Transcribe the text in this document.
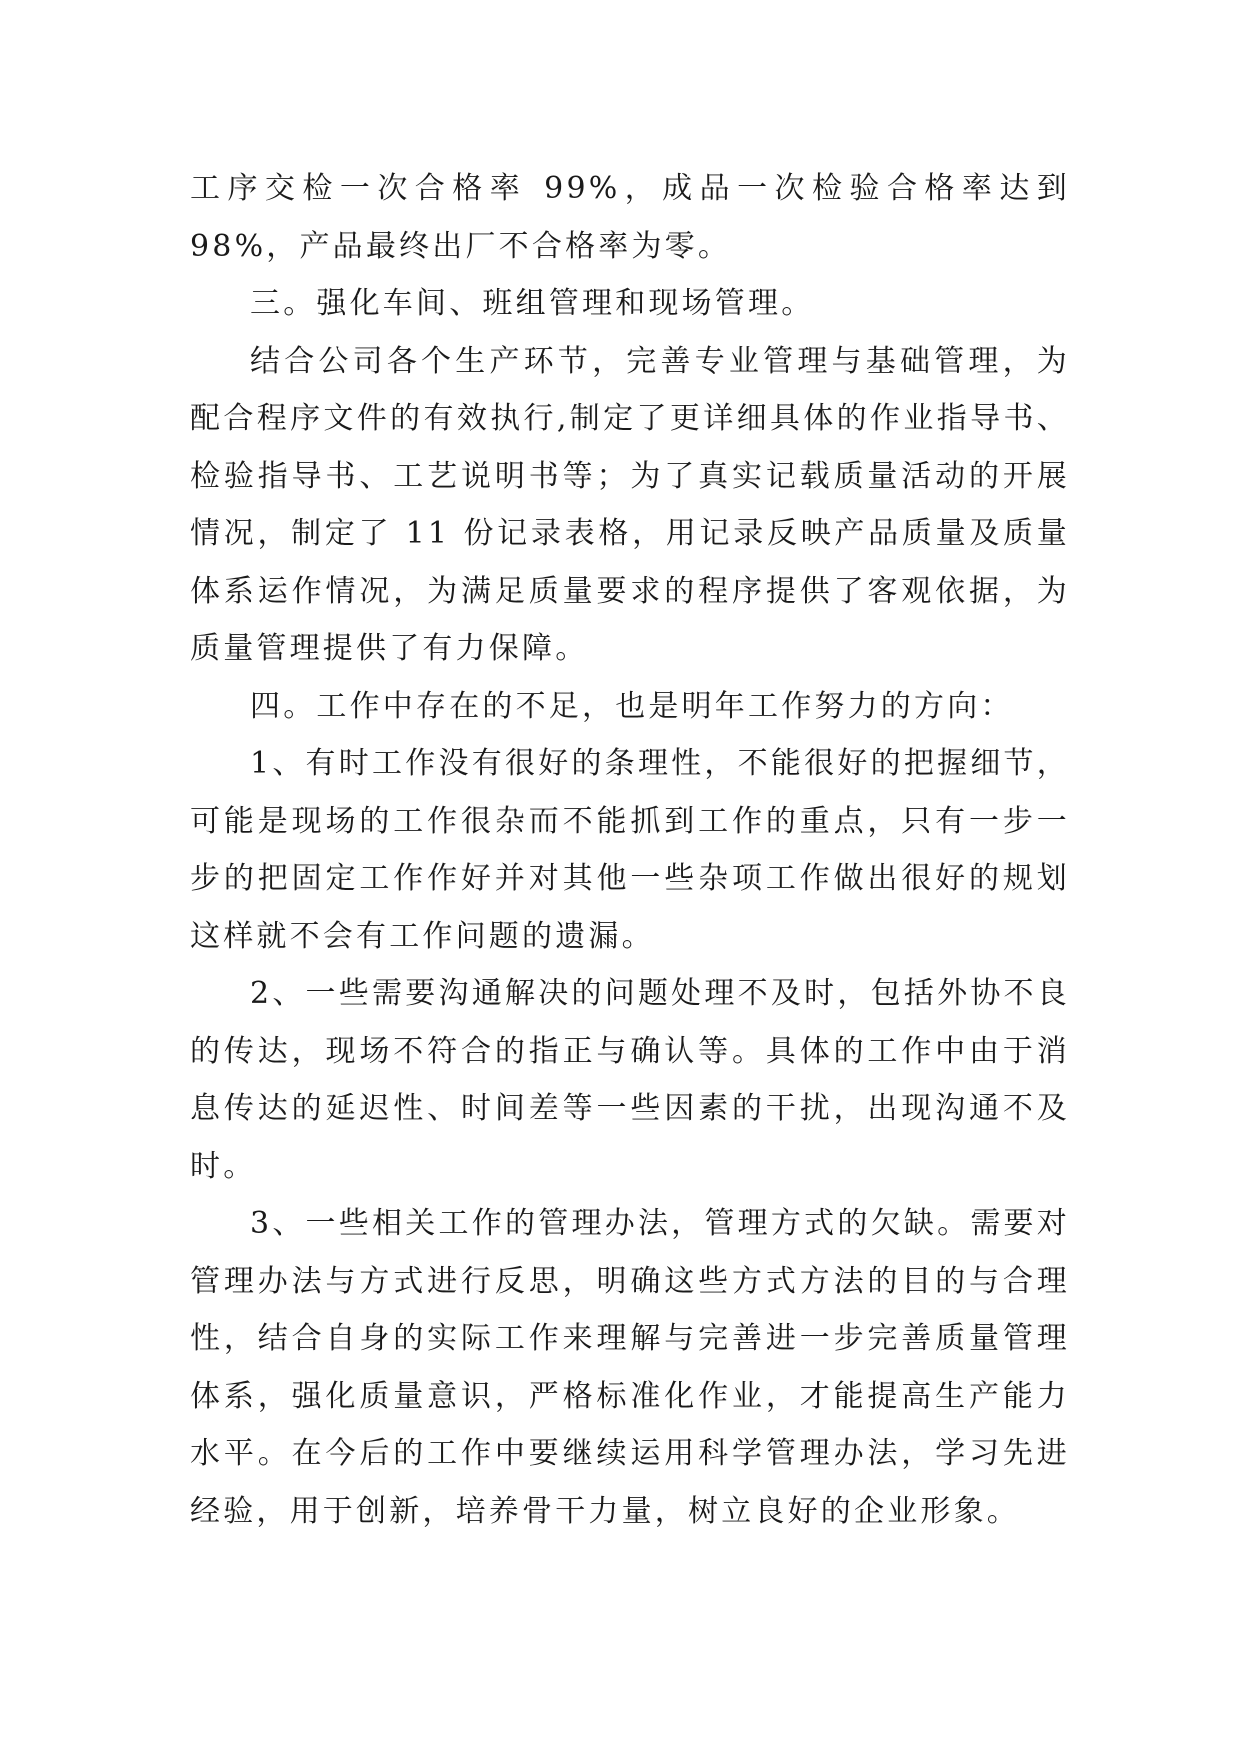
工序交检一次合格率 99%，成品一次检验合格率达到 98%，产品最终出厂不合格率为零。

三。强化车间、班组管理和现场管理。

结合公司各个生产环节，完善专业管理与基础管理，为配合程序文件的有效执行,制定了更详细具体的作业指导书、检验指导书、工艺说明书等；为了真实记载质量活动的开展情况，制定了 11 份记录表格，用记录反映产品质量及质量体系运作情况，为满足质量要求的程序提供了客观依据，为质量管理提供了有力保障。

四。工作中存在的不足，也是明年工作努力的方向：

1、有时工作没有很好的条理性，不能很好的把握细节，可能是现场的工作很杂而不能抓到工作的重点，只有一步一步的把固定工作作好并对其他一些杂项工作做出很好的规划这样就不会有工作问题的遗漏。

2、一些需要沟通解决的问题处理不及时，包括外协不良的传达，现场不符合的指正与确认等。具体的工作中由于消息传达的延迟性、时间差等一些因素的干扰，出现沟通不及时。

3、一些相关工作的管理办法，管理方式的欠缺。需要对管理办法与方式进行反思，明确这些方式方法的目的与合理性，结合自身的实际工作来理解与完善进一步完善质量管理体系，强化质量意识，严格标准化作业，才能提高生产能力水平。在今后的工作中要继续运用科学管理办法，学习先进经验，用于创新，培养骨干力量，树立良好的企业形象。
